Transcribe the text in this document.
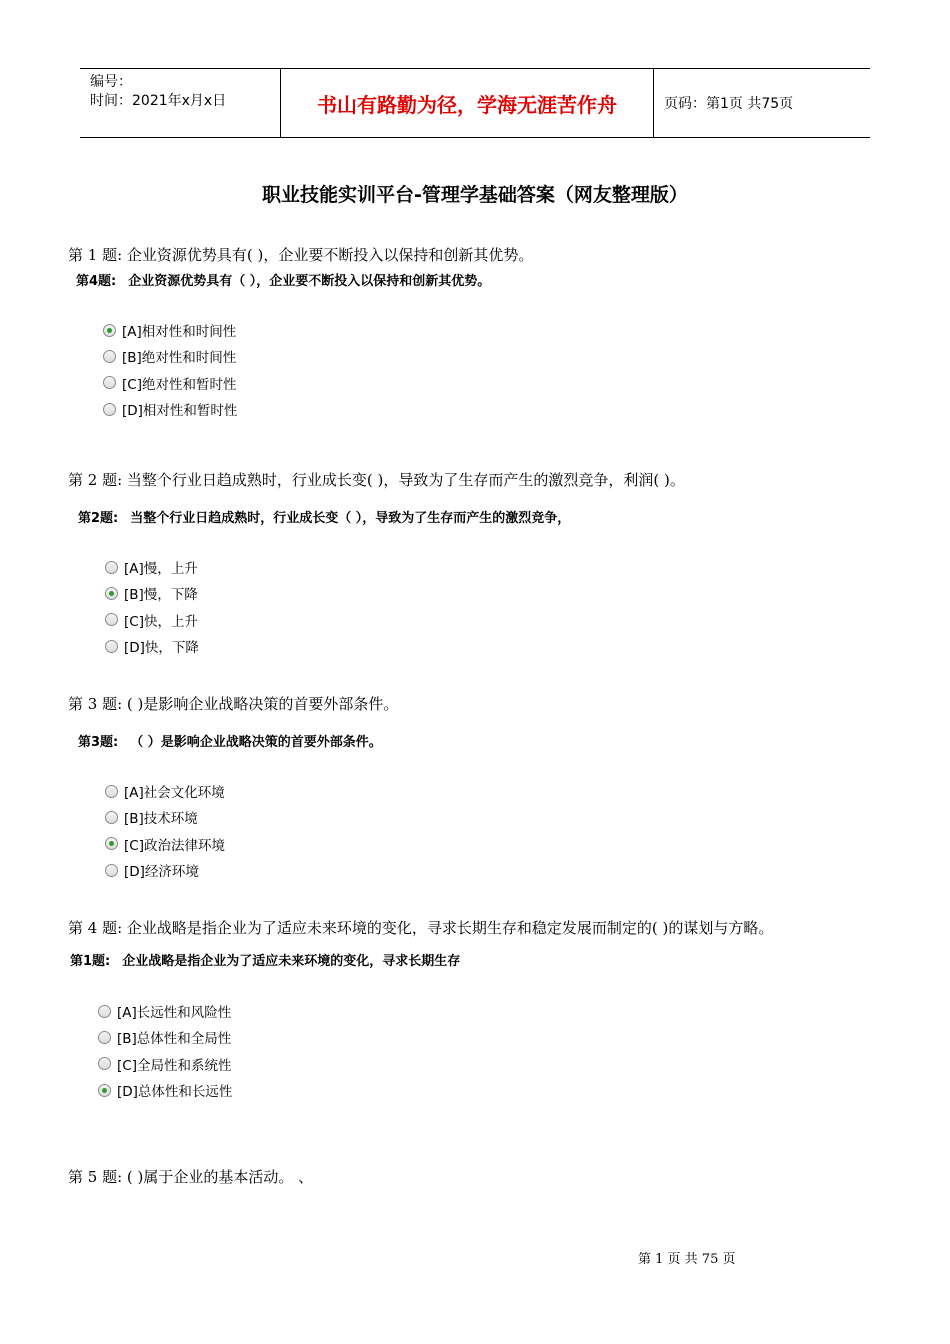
编号：
时间：2021年x月x日	书山有路勤为径，学海无涯苦作舟	页码：第1页 共75页
职业技能实训平台-管理学基础答案（网友整理版）
第 1 题: 企业资源优势具有( )，企业要不断投入以保持和创新其优势。
第4题: 企业资源优势具有（ ），企业要不断投入以保持和创新其优势。
[A]相对性和时间性
[B]绝对性和时间性
[C]绝对性和暂时性
[D]相对性和暂时性
第 2 题: 当整个行业日趋成熟时，行业成长变( )，导致为了生存而产生的激烈竞争，利润( )。
第2题: 当整个行业日趋成熟时，行业成长变（ ），导致为了生存而产生的激烈竞争，
[A]慢，上升
[B]慢，下降
[C]快，上升
[D]快，下降
第 3 题: ( )是影响企业战略决策的首要外部条件。
第3题: （ ）是影响企业战略决策的首要外部条件。
[A]社会文化环境
[B]技术环境
[C]政治法律环境
[D]经济环境
第 4 题: 企业战略是指企业为了适应未来环境的变化，寻求长期生存和稳定发展而制定的( )的谋划与方略。
第1题: 企业战略是指企业为了适应未来环境的变化，寻求长期生存
[A]长远性和风险性
[B]总体性和全局性
[C]全局性和系统性
[D]总体性和长远性
第 5 题: ( )属于企业的基本活动。 、
第 1 页 共 75 页
